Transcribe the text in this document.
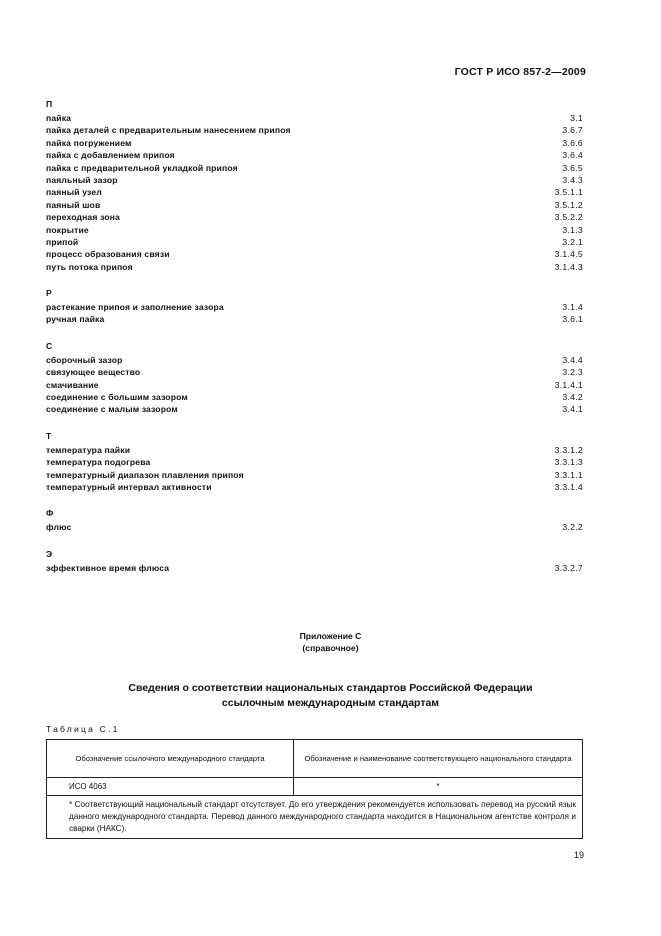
ГОСТ Р ИСО 857-2—2009
П
пайка	3.1
пайка деталей с предварительным нанесением припоя	3.6.7
пайка погружением	3.6.6
пайка с добавлением припоя	3.6.4
пайка с предварительной укладкой припоя	3.6.5
паяльный зазор	3.4.3
паяный узел	3.5.1.1
паяный шов	3.5.1.2
переходная зона	3.5.2.2
покрытие	3.1.3
припой	3.2.1
процесс образования связи	3.1.4.5
путь потока припоя	3.1.4.3
Р
растекание припоя и заполнение зазора	3.1.4
ручная пайка	3.6.1
С
сборочный зазор	3.4.4
связующее вещество	3.2.3
смачивание	3.1.4.1
соединение с большим зазором	3.4.2
соединение с малым зазором	3.4.1
Т
температура пайки	3.3.1.2
температура подогрева	3.3.1.3
температурный диапазон плавления припоя	3.3.1.1
температурный интервал активности	3.3.1.4
Ф
флюс	3.2.2
Э
эффективное время флюса	3.3.2.7
Приложение С
(справочное)
Сведения о соответствии национальных стандартов Российской Федерации
ссылочным международным стандартам
Таблица С.1
Обозначение ссылочного международного стандарта	Обозначение и наименование соответствующего национального стандарта
ИСО 4063	*

* Соответствующий национальный стандарт отсутствует. До его утверждения рекомендуется использовать перевод на русский язык данного международного стандарта. Перевод данного международного стандарта находится в Национальном агентстве контроля и сварки (НАКС).	
19
